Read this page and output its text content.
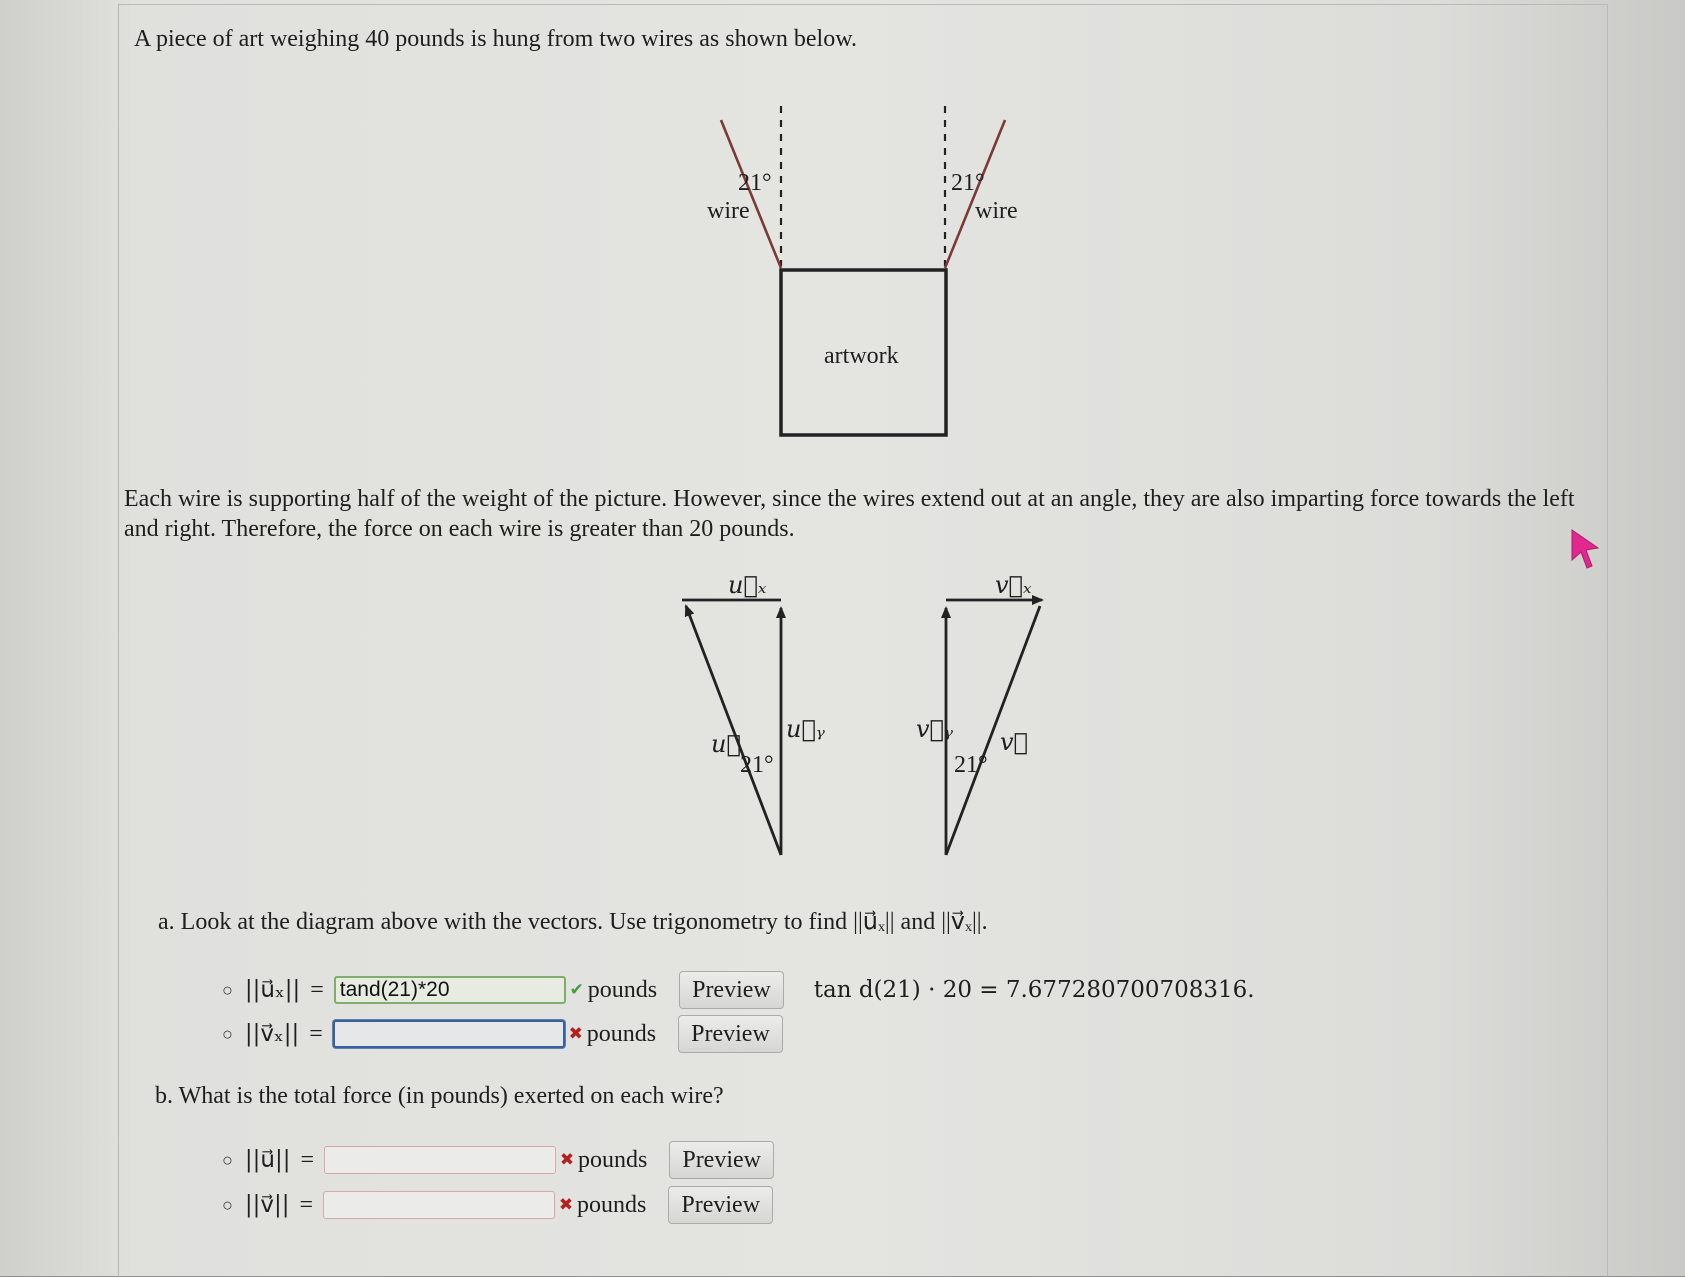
A piece of art weighing 40 pounds is hung from two wires as shown below.
21°	21°
wire	wire
artwork
Each wire is supporting half of the weight of the picture. However, since the wires extend out at an angle, they are also imparting force towards the left and right. Therefore, the force on each wire is greater than 20 pounds.
u⃗ₓ	v⃗ₓ
u⃗
u⃗ᵧ	v⃗ᵧ v⃗
21°	21°
a. Look at the diagram above with the vectors. Use trigonometry to find ||u⃗ₓ|| and ||v⃗ₓ||.
○ ||u⃗ₓ|| =
tand(21)*20	✔ pounds	Preview	tan d(21) · 20 = 7.677280700708316.
○ ||v⃗ₓ|| =	✖ pounds	Preview
b. What is the total force (in pounds) exerted on each wire?
○ ||u⃗|| =	✖ pounds	Preview
○ ||v⃗|| =	✖ pounds	Preview
